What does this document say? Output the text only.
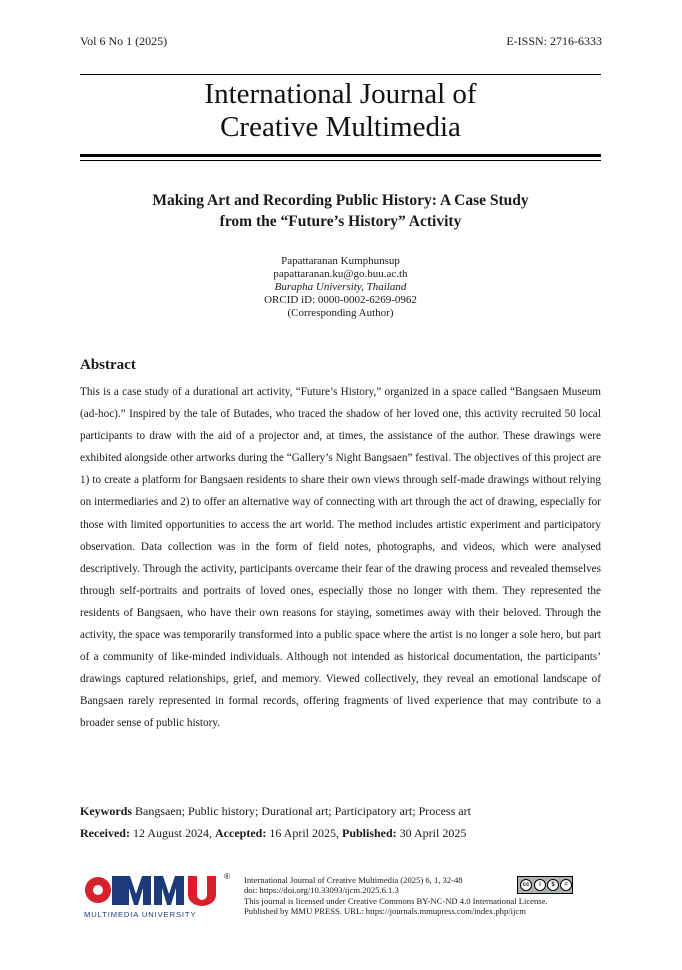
Vol 6 No 1 (2025)	E-ISSN: 2716-6333
International Journal of
Creative Multimedia
Making Art and Recording Public History: A Case Study
from the “Future’s History” Activity
Papattaranan Kumphunsup
papattaranan.ku@go.buu.ac.th
Burapha University, Thailand
ORCID iD: 0000-0002-6269-0962
(Corresponding Author)
Abstract

This is a case study of a durational art activity, “Future’s History,” organized in a space called “Bangsaen Museum (ad-hoc).” Inspired by the tale of Butades, who traced the shadow of her loved one, this activity recruited 50 local participants to draw with the aid of a projector and, at times, the assistance of the author. These drawings were exhibited alongside other artworks during the “Gallery’s Night Bangsaen” festival. The objectives of this project are 1) to create a platform for Bangsaen residents to share their own views through self-made drawings without relying on intermediaries and 2) to offer an alternative way of connecting with art through the act of drawing, especially for those with limited opportunities to access the art world. The method includes artistic experiment and participatory observation. Data collection was in the form of field notes, photographs, and videos, which were analysed descriptively. Through the activity, participants overcame their fear of the drawing process and revealed themselves through self-portraits and portraits of loved ones, especially those no longer with them. They represented the residents of Bangsaen, who have their own reasons for staying, sometimes away with their beloved. Through the activity, the space was temporarily transformed into a public space where the artist is no longer a sole hero, but part of a community of like-minded individuals. Although not intended as historical documentation, the participants’ drawings captured relationships, grief, and memory. Viewed collectively, they reveal an emotional landscape of Bangsaen rarely represented in formal records, offering fragments of lived experience that may contribute to a broader sense of public history.

Keywords Bangsaen; Public history; Durational art; Participatory art; Process art
Received: 12 August 2024, Accepted: 16 April 2025, Published: 30 April 2025
®
MULTIMEDIA UNIVERSITY
International Journal of Creative Multimedia (2025) 6, 1, 32-48
doi: https://doi.org/10.33093/ijcm.2025.6.1.3
This journal is licensed under Creative Commons BY-NC-ND 4.0 International License.
Published by MMU PRESS. URL: https://journals.mmupress.com/index.php/ijcm
cc	i	$	=
